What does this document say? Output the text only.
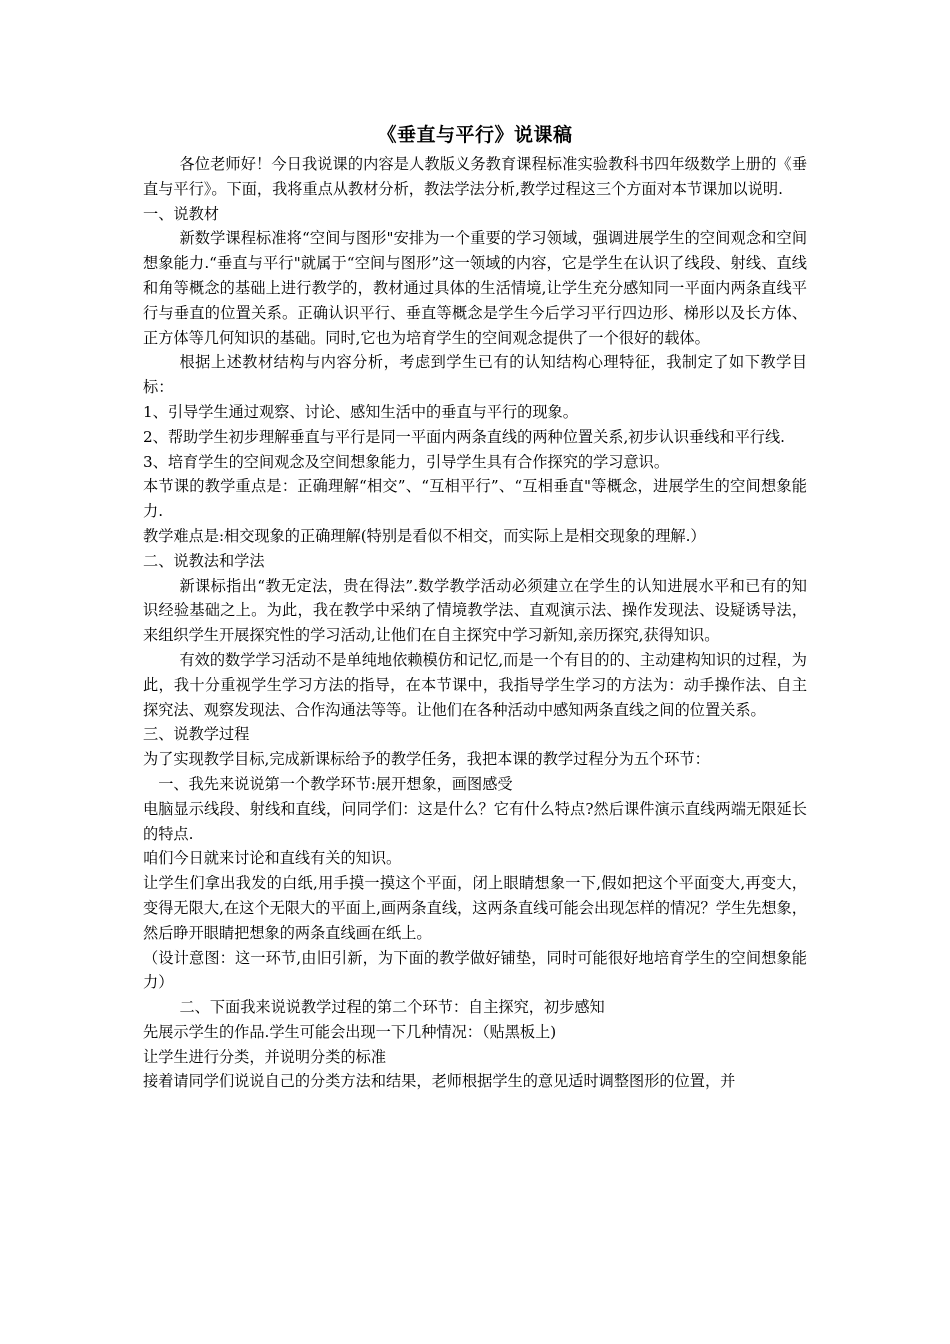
《垂直与平行》说课稿

各位老师好！今日我说课的内容是人教版义务教育课程标准实验教科书四年级数学上册的《垂直与平行》。下面，我将重点从教材分析，教法学法分析,教学过程这三个方面对本节课加以说明.

一、说教材

新数学课程标准将“空间与图形"安排为一个重要的学习领域，强调进展学生的空间观念和空间想象能力.“垂直与平行"就属于“空间与图形”这一领域的内容，它是学生在认识了线段、射线、直线和角等概念的基础上进行教学的，教材通过具体的生活情境,让学生充分感知同一平面内两条直线平行与垂直的位置关系。正确认识平行、垂直等概念是学生今后学习平行四边形、梯形以及长方体、正方体等几何知识的基础。同时,它也为培育学生的空间观念提供了一个很好的载体。

根据上述教材结构与内容分析，考虑到学生已有的认知结构心理特征，我制定了如下教学目标：

1、引导学生通过观察、讨论、感知生活中的垂直与平行的现象。

2、帮助学生初步理解垂直与平行是同一平面内两条直线的两种位置关系,初步认识垂线和平行线.

3、培育学生的空间观念及空间想象能力，引导学生具有合作探究的学习意识。

本节课的教学重点是：正确理解“相交”、“互相平行”、“互相垂直"等概念，进展学生的空间想象能力.

教学难点是:相交现象的正确理解(特别是看似不相交，而实际上是相交现象的理解.）

二、说教法和学法

新课标指出“教无定法，贵在得法”.数学教学活动必须建立在学生的认知进展水平和已有的知识经验基础之上。为此，我在教学中采纳了情境教学法、直观演示法、操作发现法、设疑诱导法，来组织学生开展探究性的学习活动,让他们在自主探究中学习新知,亲历探究,获得知识。

有效的数学学习活动不是单纯地依赖模仿和记忆,而是一个有目的的、主动建构知识的过程，为此，我十分重视学生学习方法的指导，在本节课中，我指导学生学习的方法为：动手操作法、自主探究法、观察发现法、合作沟通法等等。让他们在各种活动中感知两条直线之间的位置关系。

三、说教学过程

为了实现教学目标,完成新课标给予的教学任务，我把本课的教学过程分为五个环节：

一、我先来说说第一个教学环节:展开想象，画图感受

电脑显示线段、射线和直线，问同学们：这是什么？它有什么特点?然后课件演示直线两端无限延长的特点.

咱们今日就来讨论和直线有关的知识。

让学生们拿出我发的白纸,用手摸一摸这个平面，闭上眼睛想象一下,假如把这个平面变大,再变大，变得无限大,在这个无限大的平面上,画两条直线，这两条直线可能会出现怎样的情况？学生先想象，然后睁开眼睛把想象的两条直线画在纸上。

（设计意图：这一环节,由旧引新，为下面的教学做好铺垫，同时可能很好地培育学生的空间想象能力）

二、下面我来说说教学过程的第二个环节：自主探究，初步感知

先展示学生的作品.学生可能会出现一下几种情况：（贴黑板上)

让学生进行分类，并说明分类的标准

接着请同学们说说自己的分类方法和结果，老师根据学生的意见适时调整图形的位置，并
